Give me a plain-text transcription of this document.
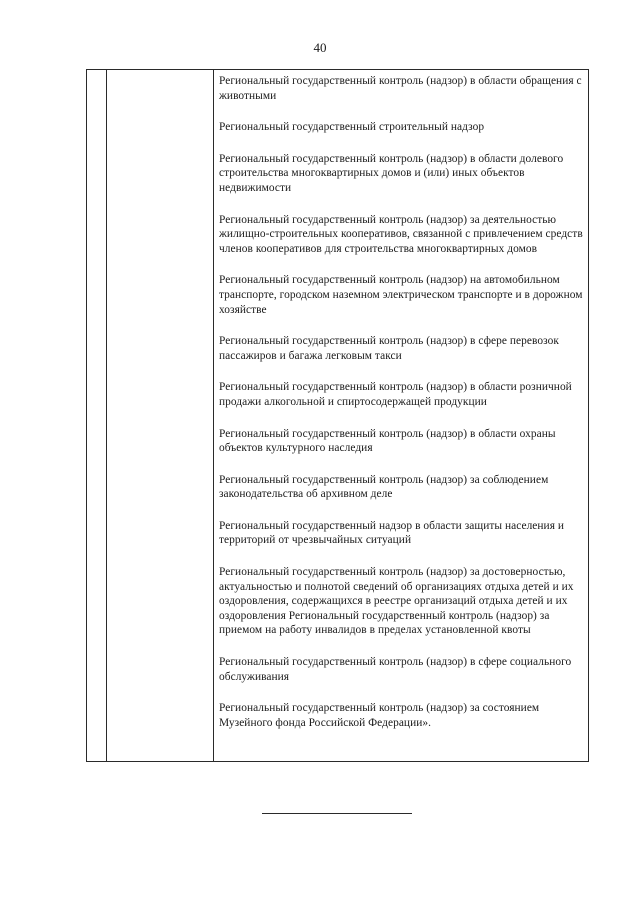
40
Региональный государственный контроль (надзор) в области обращения с животными
Региональный государственный строительный надзор
Региональный государственный контроль (надзор) в области долевого строительства многоквартирных домов и (или) иных объектов недвижимости
Региональный государственный контроль (надзор) за деятельностью жилищно-строительных кооперативов, связанной с привлечением средств членов кооперативов для строительства многоквартирных домов
Региональный государственный контроль (надзор) на автомобильном транспорте, городском наземном электрическом транспорте и в дорожном хозяйстве
Региональный государственный контроль (надзор) в сфере перевозок пассажиров и багажа легковым такси
Региональный государственный контроль (надзор) в области розничной продажи алкогольной и спиртосодержащей продукции
Региональный государственный контроль (надзор) в области охраны объектов культурного наследия
Региональный государственный контроль (надзор) за соблюдением законодательства об архивном деле
Региональный государственный надзор в области защиты населения и территорий от чрезвычайных ситуаций
Региональный государственный контроль (надзор) за достоверностью, актуальностью и полнотой сведений об организациях отдыха детей и их оздоровления, содержащихся в реестре организаций отдыха детей и их оздоровления Региональный государственный контроль (надзор) за приемом на работу инвалидов в пределах установленной квоты
Региональный государственный контроль (надзор) в сфере социального обслуживания
Региональный государственный контроль (надзор) за состоянием Музейного фонда Российской Федерации».
